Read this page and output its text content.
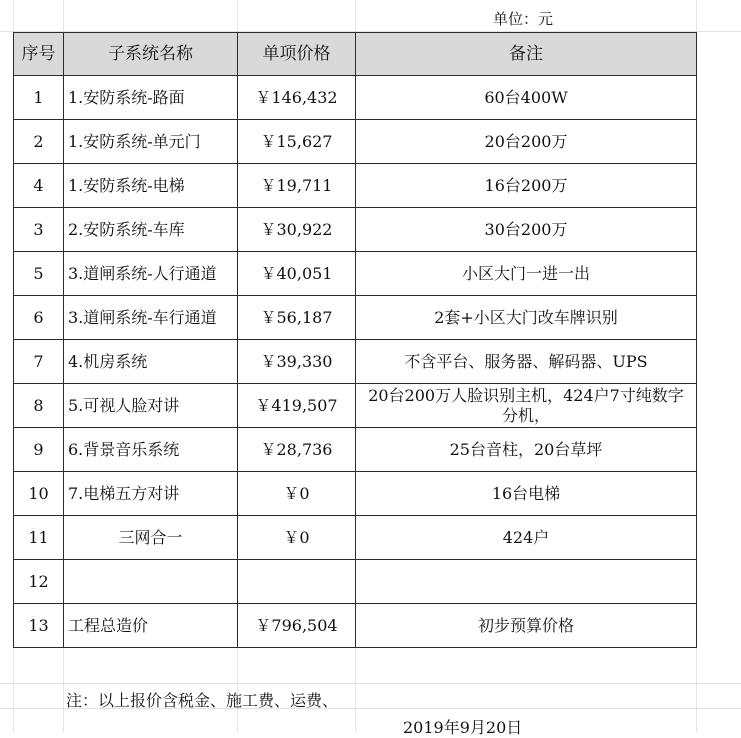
单位：元
序号	子系统名称	单项价格	备注
1	1.安防系统-路面	￥146,432	60台400W
2	1.安防系统-单元门	￥15,627	20台200万
4	1.安防系统-电梯	￥19,711	16台200万
3	2.安防系统-车库	￥30,922	30台200万
5	3.道闸系统-人行通道	￥40,051	小区大门一进一出
6	3.道闸系统-车行通道	￥56,187	2套+小区大门改车牌识别
7	4.机房系统	￥39,330	不含平台、服务器、解码器、UPS
8	5.可视人脸对讲	￥419,507	20台200万人脸识别主机，424户7寸纯数字分机，
9	6.背景音乐系统	￥28,736	25台音柱，20台草坪
10	7.电梯五方对讲	￥0	16台电梯
11	三网合一	￥0	424户
12			
13	工程总造价	￥796,504	初步预算价格
注：以上报价含税金、施工费、运费、
2019年9月20日
